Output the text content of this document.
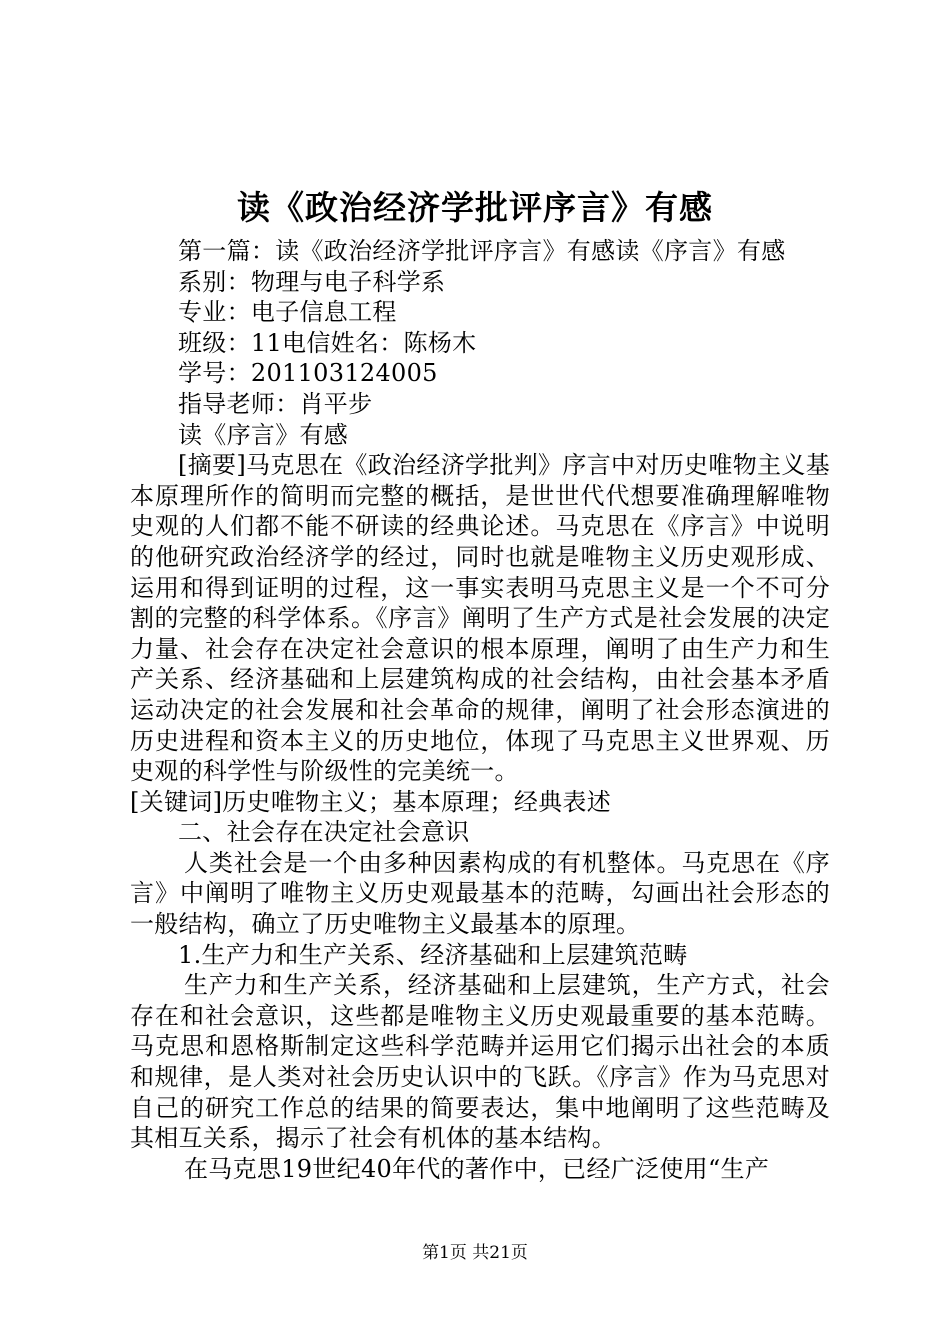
读《政治经济学批评序言》有感

第一篇：读《政治经济学批评序言》有感读《序言》有感

系别：物理与电子科学系

专业：电子信息工程

班级：11电信姓名：陈杨木

学号：201103124005

指导老师：肖平步

读《序言》有感

[摘要]马克思在《政治经济学批判》序言中对历史唯物主义基本原理所作的简明而完整的概括，是世世代代想要准确理解唯物史观的人们都不能不研读的经典论述。马克思在《序言》中说明的他研究政治经济学的经过，同时也就是唯物主义历史观形成、运用和得到证明的过程，这一事实表明马克思主义是一个不可分割的完整的科学体系。《序言》阐明了生产方式是社会发展的决定力量、社会存在决定社会意识的根本原理，阐明了由生产力和生产关系、经济基础和上层建筑构成的社会结构，由社会基本矛盾运动决定的社会发展和社会革命的规律，阐明了社会形态演进的历史进程和资本主义的历史地位，体现了马克思主义世界观、历史观的科学性与阶级性的完美统一。

[关键词]历史唯物主义；基本原理；经典表述

二、社会存在决定社会意识

人类社会是一个由多种因素构成的有机整体。马克思在《序言》中阐明了唯物主义历史观最基本的范畴，勾画出社会形态的一般结构，确立了历史唯物主义最基本的原理。

1.生产力和生产关系、经济基础和上层建筑范畴

生产力和生产关系，经济基础和上层建筑，生产方式，社会存在和社会意识，这些都是唯物主义历史观最重要的基本范畴。马克思和恩格斯制定这些科学范畴并运用它们揭示出社会的本质和规律，是人类对社会历史认识中的飞跃。《序言》作为马克思对自己的研究工作总的结果的简要表达，集中地阐明了这些范畴及其相互关系，揭示了社会有机体的基本结构。

在马克思19世纪40年代的著作中，已经广泛使用“生产

第1页 共21页
